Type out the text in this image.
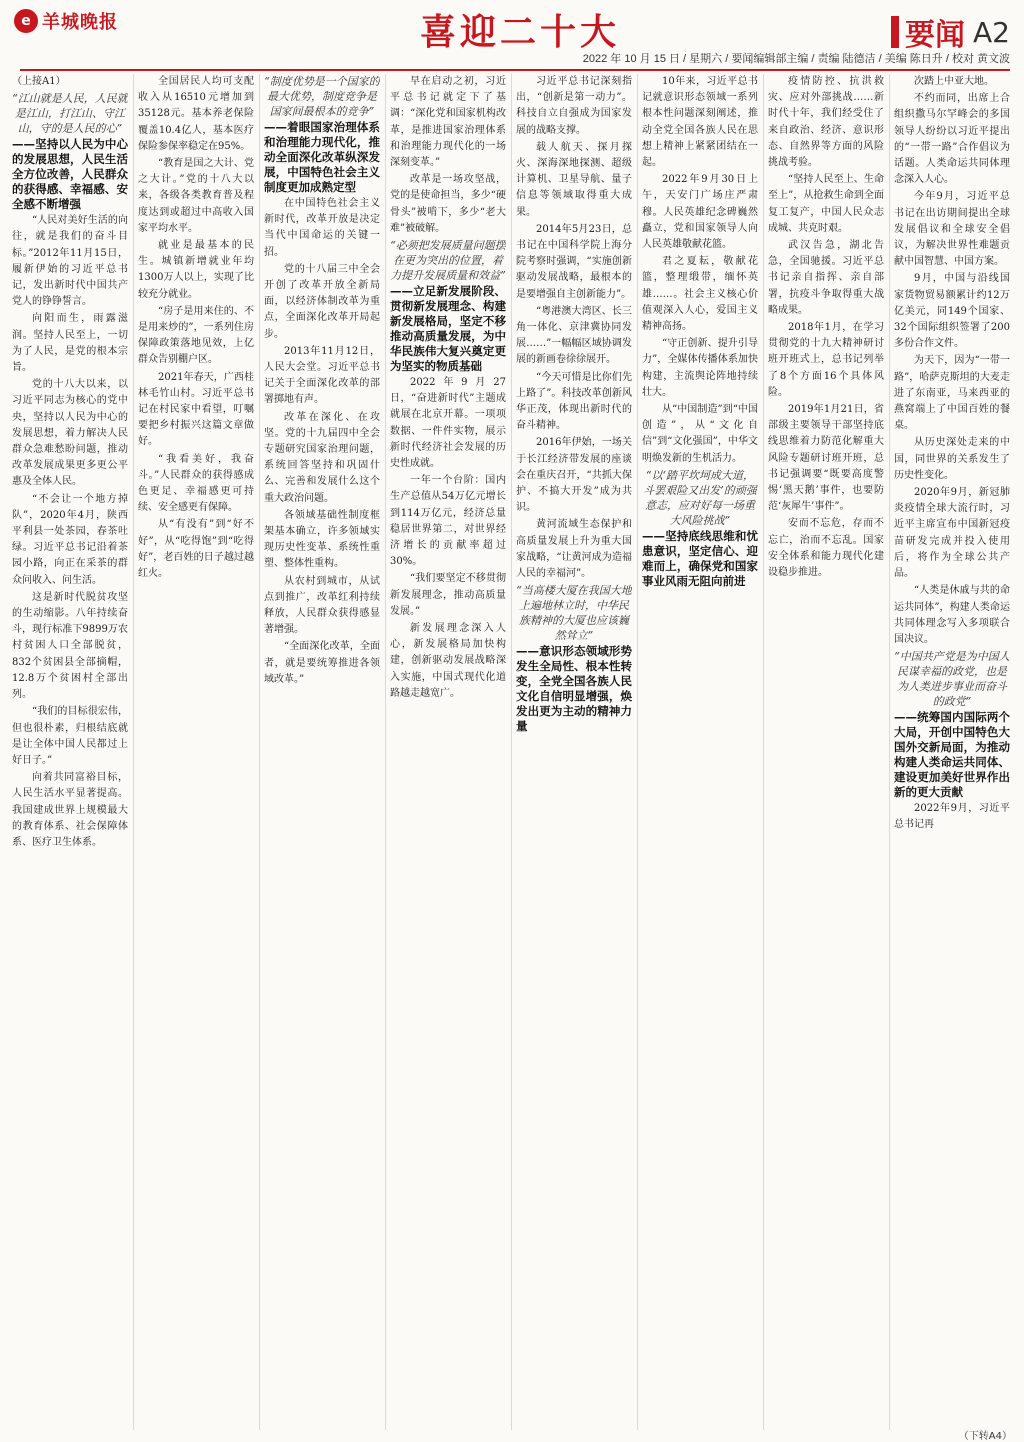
e 羊城晚报	喜迎二十大	要闻 A2
2022 年 10 月 15 日 / 星期六 / 要闻编辑部主编 / 责编 陆德洁 / 美编 陈日升 / 校对 黄文波

（上接A1）

“江山就是人民，人民就是江山，打江山、守江山，守的是人民的心”

——坚持以人民为中心的发展思想，人民生活全方位改善，人民群众的获得感、幸福感、安全感不断增强

“人民对美好生活的向往，就是我们的奋斗目标。”2012年11月15日，履新伊始的习近平总书记，发出新时代中国共产党人的铮铮誓言。

向阳而生，雨露滋润。坚持人民至上，一切为了人民，是党的根本宗旨。

党的十八大以来，以习近平同志为核心的党中央，坚持以人民为中心的发展思想，着力解决人民群众急难愁盼问题，推动改革发展成果更多更公平惠及全体人民。

“不会让一个地方掉队”，2020年4月，陕西平利县一处茶园，春茶吐绿。习近平总书记沿着茶园小路，向正在采茶的群众问收入、问生活。

这是新时代脱贫攻坚的生动缩影。八年持续奋斗，现行标准下9899万农村贫困人口全部脱贫，832个贫困县全部摘帽，12.8万个贫困村全部出列。

“我们的目标很宏伟，但也很朴素，归根结底就是让全体中国人民都过上好日子。”

向着共同富裕目标，人民生活水平显著提高。我国建成世界上规模最大的教育体系、社会保障体系、医疗卫生体系。

全国居民人均可支配收入从16510元增加到35128元。基本养老保险覆盖10.4亿人，基本医疗保险参保率稳定在95%。

“教育是国之大计、党之大计。”党的十八大以来，各级各类教育普及程度达到或超过中高收入国家平均水平。

就业是最基本的民生。城镇新增就业年均1300万人以上，实现了比较充分就业。

“房子是用来住的、不是用来炒的”，一系列住房保障政策落地见效，上亿群众告别棚户区。

2021年春天，广西桂林毛竹山村。习近平总书记在村民家中看望，叮嘱要把乡村振兴这篇文章做好。

“我看美好，我奋斗。”人民群众的获得感成色更足、幸福感更可持续、安全感更有保障。

从“有没有”到“好不好”，从“吃得饱”到“吃得好”，老百姓的日子越过越红火。

“制度优势是一个国家的最大优势，制度竞争是国家间最根本的竞争”

——着眼国家治理体系和治理能力现代化，推动全面深化改革纵深发展，中国特色社会主义制度更加成熟定型

在中国特色社会主义新时代，改革开放是决定当代中国命运的关键一招。

党的十八届三中全会开创了改革开放全新局面，以经济体制改革为重点，全面深化改革开局起步。

2013年11月12日，人民大会堂。习近平总书记关于全面深化改革的部署掷地有声。

改革在深化、在攻坚。党的十九届四中全会专题研究国家治理问题，系统回答坚持和巩固什么、完善和发展什么这个重大政治问题。

各领域基础性制度框架基本确立，许多领域实现历史性变革、系统性重塑、整体性重构。

从农村到城市，从试点到推广，改革红利持续释放，人民群众获得感显著增强。

“全面深化改革，全面者，就是要统筹推进各领域改革。”

早在启动之初，习近平总书记就定下了基调：“深化党和国家机构改革，是推进国家治理体系和治理能力现代化的一场深刻变革。”

改革是一场攻坚战，党的是使命担当，多少“硬骨头”被啃下，多少“老大难”被破解。

“必须把发展质量问题摆在更为突出的位置，着力提升发展质量和效益”

——立足新发展阶段、贯彻新发展理念、构建新发展格局，坚定不移推动高质量发展，为中华民族伟大复兴奠定更为坚实的物质基础

2022年9月27日，“奋进新时代”主题成就展在北京开幕。一项项数据、一件件实物，展示新时代经济社会发展的历史性成就。

一年一个台阶：国内生产总值从54万亿元增长到114万亿元，经济总量稳居世界第二，对世界经济增长的贡献率超过30%。

“我们要坚定不移贯彻新发展理念，推动高质量发展。”

新发展理念深入人心，新发展格局加快构建，创新驱动发展战略深入实施，中国式现代化道路越走越宽广。

习近平总书记深刻指出，“创新是第一动力”。科技自立自强成为国家发展的战略支撑。

载人航天、探月探火、深海深地探测、超级计算机、卫星导航、量子信息等领域取得重大成果。

2014年5月23日，总书记在中国科学院上海分院考察时强调，“实施创新驱动发展战略，最根本的是要增强自主创新能力”。

“粤港澳大湾区、长三角一体化、京津冀协同发展……”一幅幅区域协调发展的新画卷徐徐展开。

“今天可惜是比你们先上路了”。科技改革创新风华正茂，体现出新时代的奋斗精神。

2016年伊始，一场关于长江经济带发展的座谈会在重庆召开，“共抓大保护、不搞大开发”成为共识。

黄河流域生态保护和高质量发展上升为重大国家战略，“让黄河成为造福人民的幸福河”。

“当高楼大厦在我国大地上遍地林立时，中华民族精神的大厦也应该巍然耸立”

——意识形态领域形势发生全局性、根本性转变，全党全国各族人民文化自信明显增强，焕发出更为主动的精神力量

10年来，习近平总书记就意识形态领域一系列根本性问题深刻阐述，推动全党全国各族人民在思想上精神上紧紧团结在一起。

2022年9月30日上午，天安门广场庄严肃穆。人民英雄纪念碑巍然矗立，党和国家领导人向人民英雄敬献花篮。

君之夏耘，敬献花篮，整理缎带，缅怀英雄……。社会主义核心价值观深入人心，爱国主义精神高扬。

“守正创新、提升引导力”，全媒体传播体系加快构建，主流舆论阵地持续壮大。

从“中国制造”到“中国创造”，从“文化自信”到“文化强国”，中华文明焕发新的生机活力。

“以‘踏平坎坷成大道，斗罢艰险又出发’的顽强意志，应对好每一场重大风险挑战”

——坚持底线思维和忧患意识，坚定信心、迎难而上，确保党和国家事业风雨无阻向前进

疫情防控、抗洪救灾、应对外部挑战……新时代十年，我们经受住了来自政治、经济、意识形态、自然界等方面的风险挑战考验。

“坚持人民至上、生命至上”，从抢救生命到全面复工复产，中国人民众志成城、共克时艰。

武汉告急，湖北告急，全国驰援。习近平总书记亲自指挥、亲自部署，抗疫斗争取得重大战略成果。

2018年1月，在学习贯彻党的十九大精神研讨班开班式上，总书记列举了8个方面16个具体风险。

2019年1月21日，省部级主要领导干部坚持底线思维着力防范化解重大风险专题研讨班开班，总书记强调要“既要高度警惕‘黑天鹅’事件，也要防范‘灰犀牛’事件”。

安而不忘危，存而不忘亡，治而不忘乱。国家安全体系和能力现代化建设稳步推进。

次踏上中亚大地。

不约而同，出席上合组织撒马尔罕峰会的多国领导人纷纷以习近平提出的“一带一路”合作倡议为话题。人类命运共同体理念深入人心。

今年9月，习近平总书记在出访期间提出全球发展倡议和全球安全倡议，为解决世界性难题贡献中国智慧、中国方案。

9月，中国与沿线国家货物贸易额累计约12万亿美元，同149个国家、32个国际组织签署了200多份合作文件。

为天下，因为“一带一路”，哈萨克斯坦的大麦走进了东南亚，马来西亚的燕窝端上了中国百姓的餐桌。

从历史深处走来的中国，同世界的关系发生了历史性变化。

2020年9月，新冠肺炎疫情全球大流行时，习近平主席宣布中国新冠疫苗研发完成并投入使用后，将作为全球公共产品。

“人类是休戚与共的命运共同体”，构建人类命运共同体理念写入多项联合国决议。

“中国共产党是为中国人民谋幸福的政党，也是为人类进步事业而奋斗的政党”

——统筹国内国际两个大局，开创中国特色大国外交新局面，为推动构建人类命运共同体、建设更加美好世界作出新的更大贡献

2022年9月，习近平总书记再

（下转A4）
